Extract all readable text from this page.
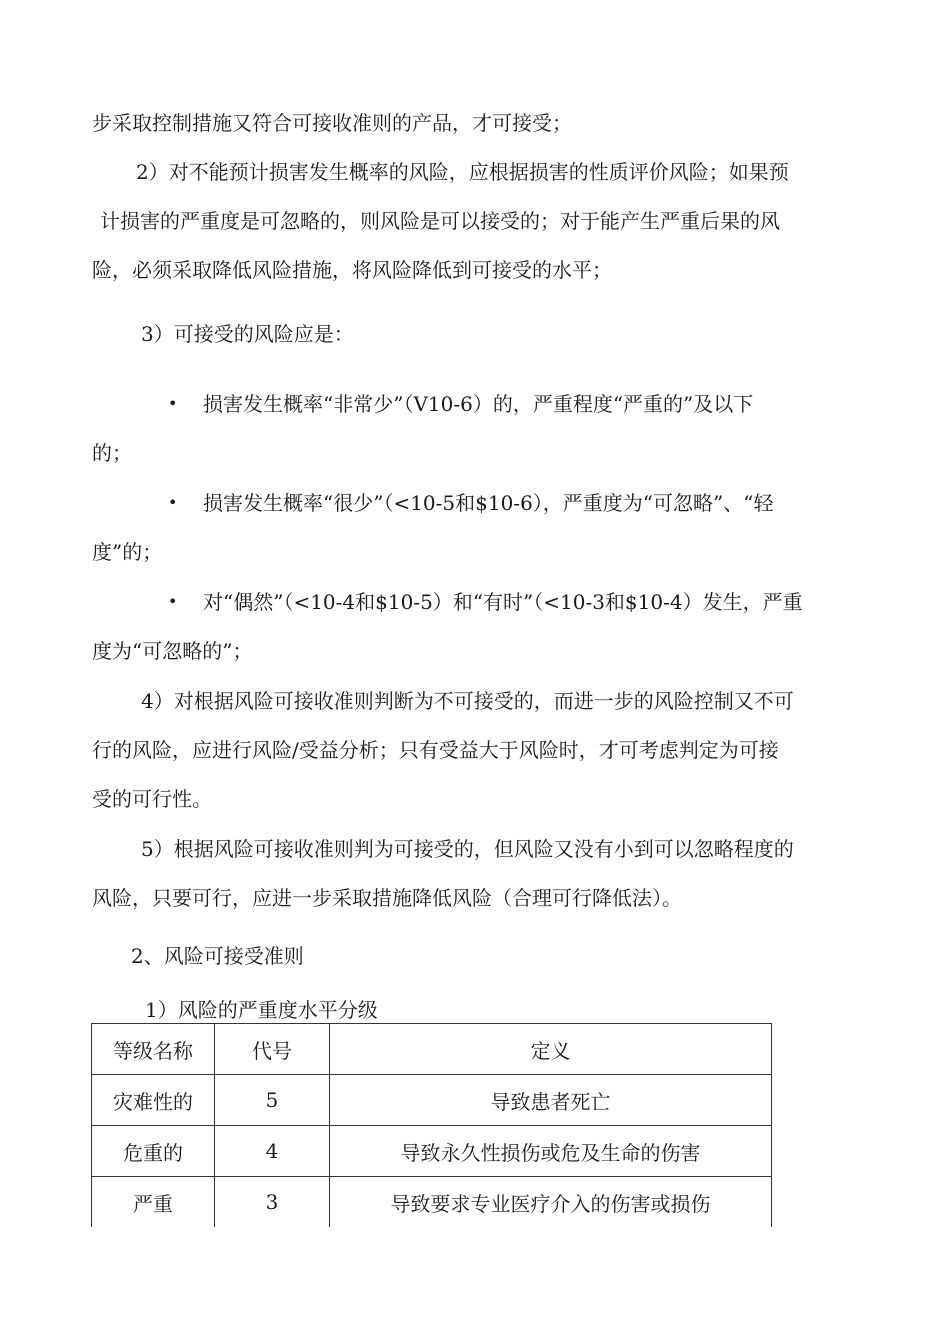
步采取控制措施又符合可接收准则的产品，才可接受；
2）对不能预计损害发生概率的风险，应根据损害的性质评价风险；如果预
计损害的严重度是可忽略的，则风险是可以接受的；对于能产生严重后果的风
险，必须采取降低风险措施，将风险降低到可接受的水平；
3）可接受的风险应是：
• 损害发生概率“非常少”（V10-6）的，严重程度“严重的”及以下
的；
• 损害发生概率“很少”（<10-5和$10-6），严重度为“可忽略”、“轻
度”的；
• 对“偶然”（<10-4和$10-5）和“有时”（<10-3和$10-4）发生，严重
度为“可忽略的”；
4）对根据风险可接收准则判断为不可接受的，而进一步的风险控制又不可
行的风险，应进行风险/受益分析；只有受益大于风险时，才可考虑判定为可接
受的可行性。
5）根据风险可接收准则判为可接受的，但风险又没有小到可以忽略程度的
风险，只要可行，应进一步采取措施降低风险（合理可行降低法）。
2、风险可接受准则
1）风险的严重度水平分级
等级名称	代号	定义
灾难性的	5	导致患者死亡
危重的	4	导致永久性损伤或危及生命的伤害
严重	3	导致要求专业医疗介入的伤害或损伤
